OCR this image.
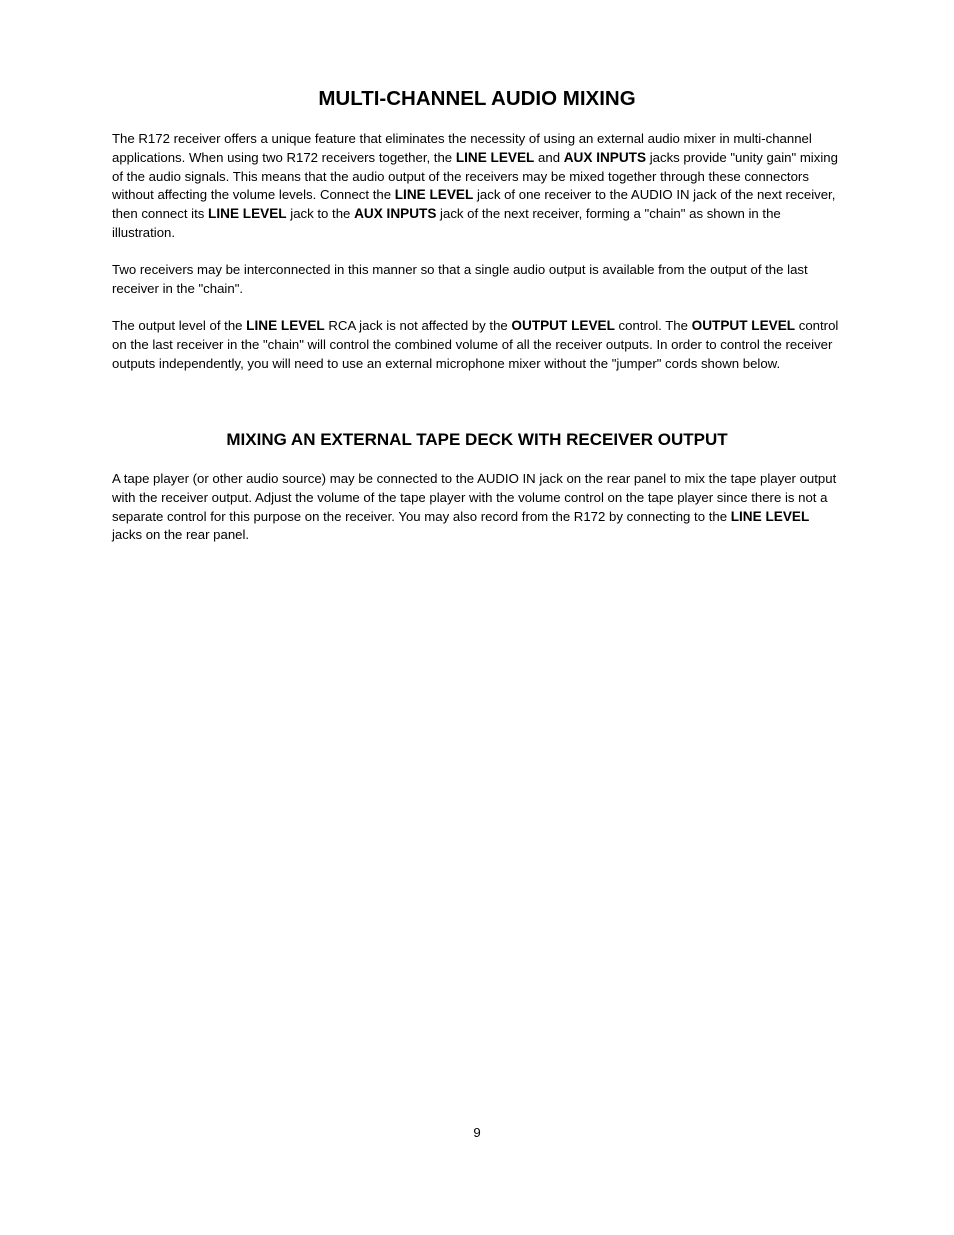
MULTI-CHANNEL AUDIO MIXING

The R172 receiver offers a unique feature that eliminates the necessity of using an external audio mixer in multi-channel applications. When using two R172 receivers together, the LINE LEVEL and AUX INPUTS jacks provide "unity gain" mixing of the audio signals. This means that the audio output of the receivers may be mixed together through these connectors without affecting the volume levels. Connect the LINE LEVEL jack of one receiver to the AUDIO IN jack of the next receiver, then connect its LINE LEVEL jack to the AUX INPUTS jack of the next receiver, forming a "chain" as shown in the illustration.

Two receivers may be interconnected in this manner so that a single audio output is available from the output of the last receiver in the "chain".

The output level of the LINE LEVEL RCA jack is not affected by the OUTPUT LEVEL control. The OUTPUT LEVEL control on the last receiver in the "chain" will control the combined volume of all the receiver outputs. In order to control the receiver outputs independently, you will need to use an external microphone mixer without the "jumper" cords shown below.

MIXING AN EXTERNAL TAPE DECK WITH RECEIVER OUTPUT

A tape player (or other audio source) may be connected to the AUDIO IN jack on the rear panel to mix the tape player output with the receiver output. Adjust the volume of the tape player with the volume control on the tape player since there is not a separate control for this purpose on the receiver. You may also record from the R172 by connecting to the LINE LEVEL jacks on the rear panel.

9
